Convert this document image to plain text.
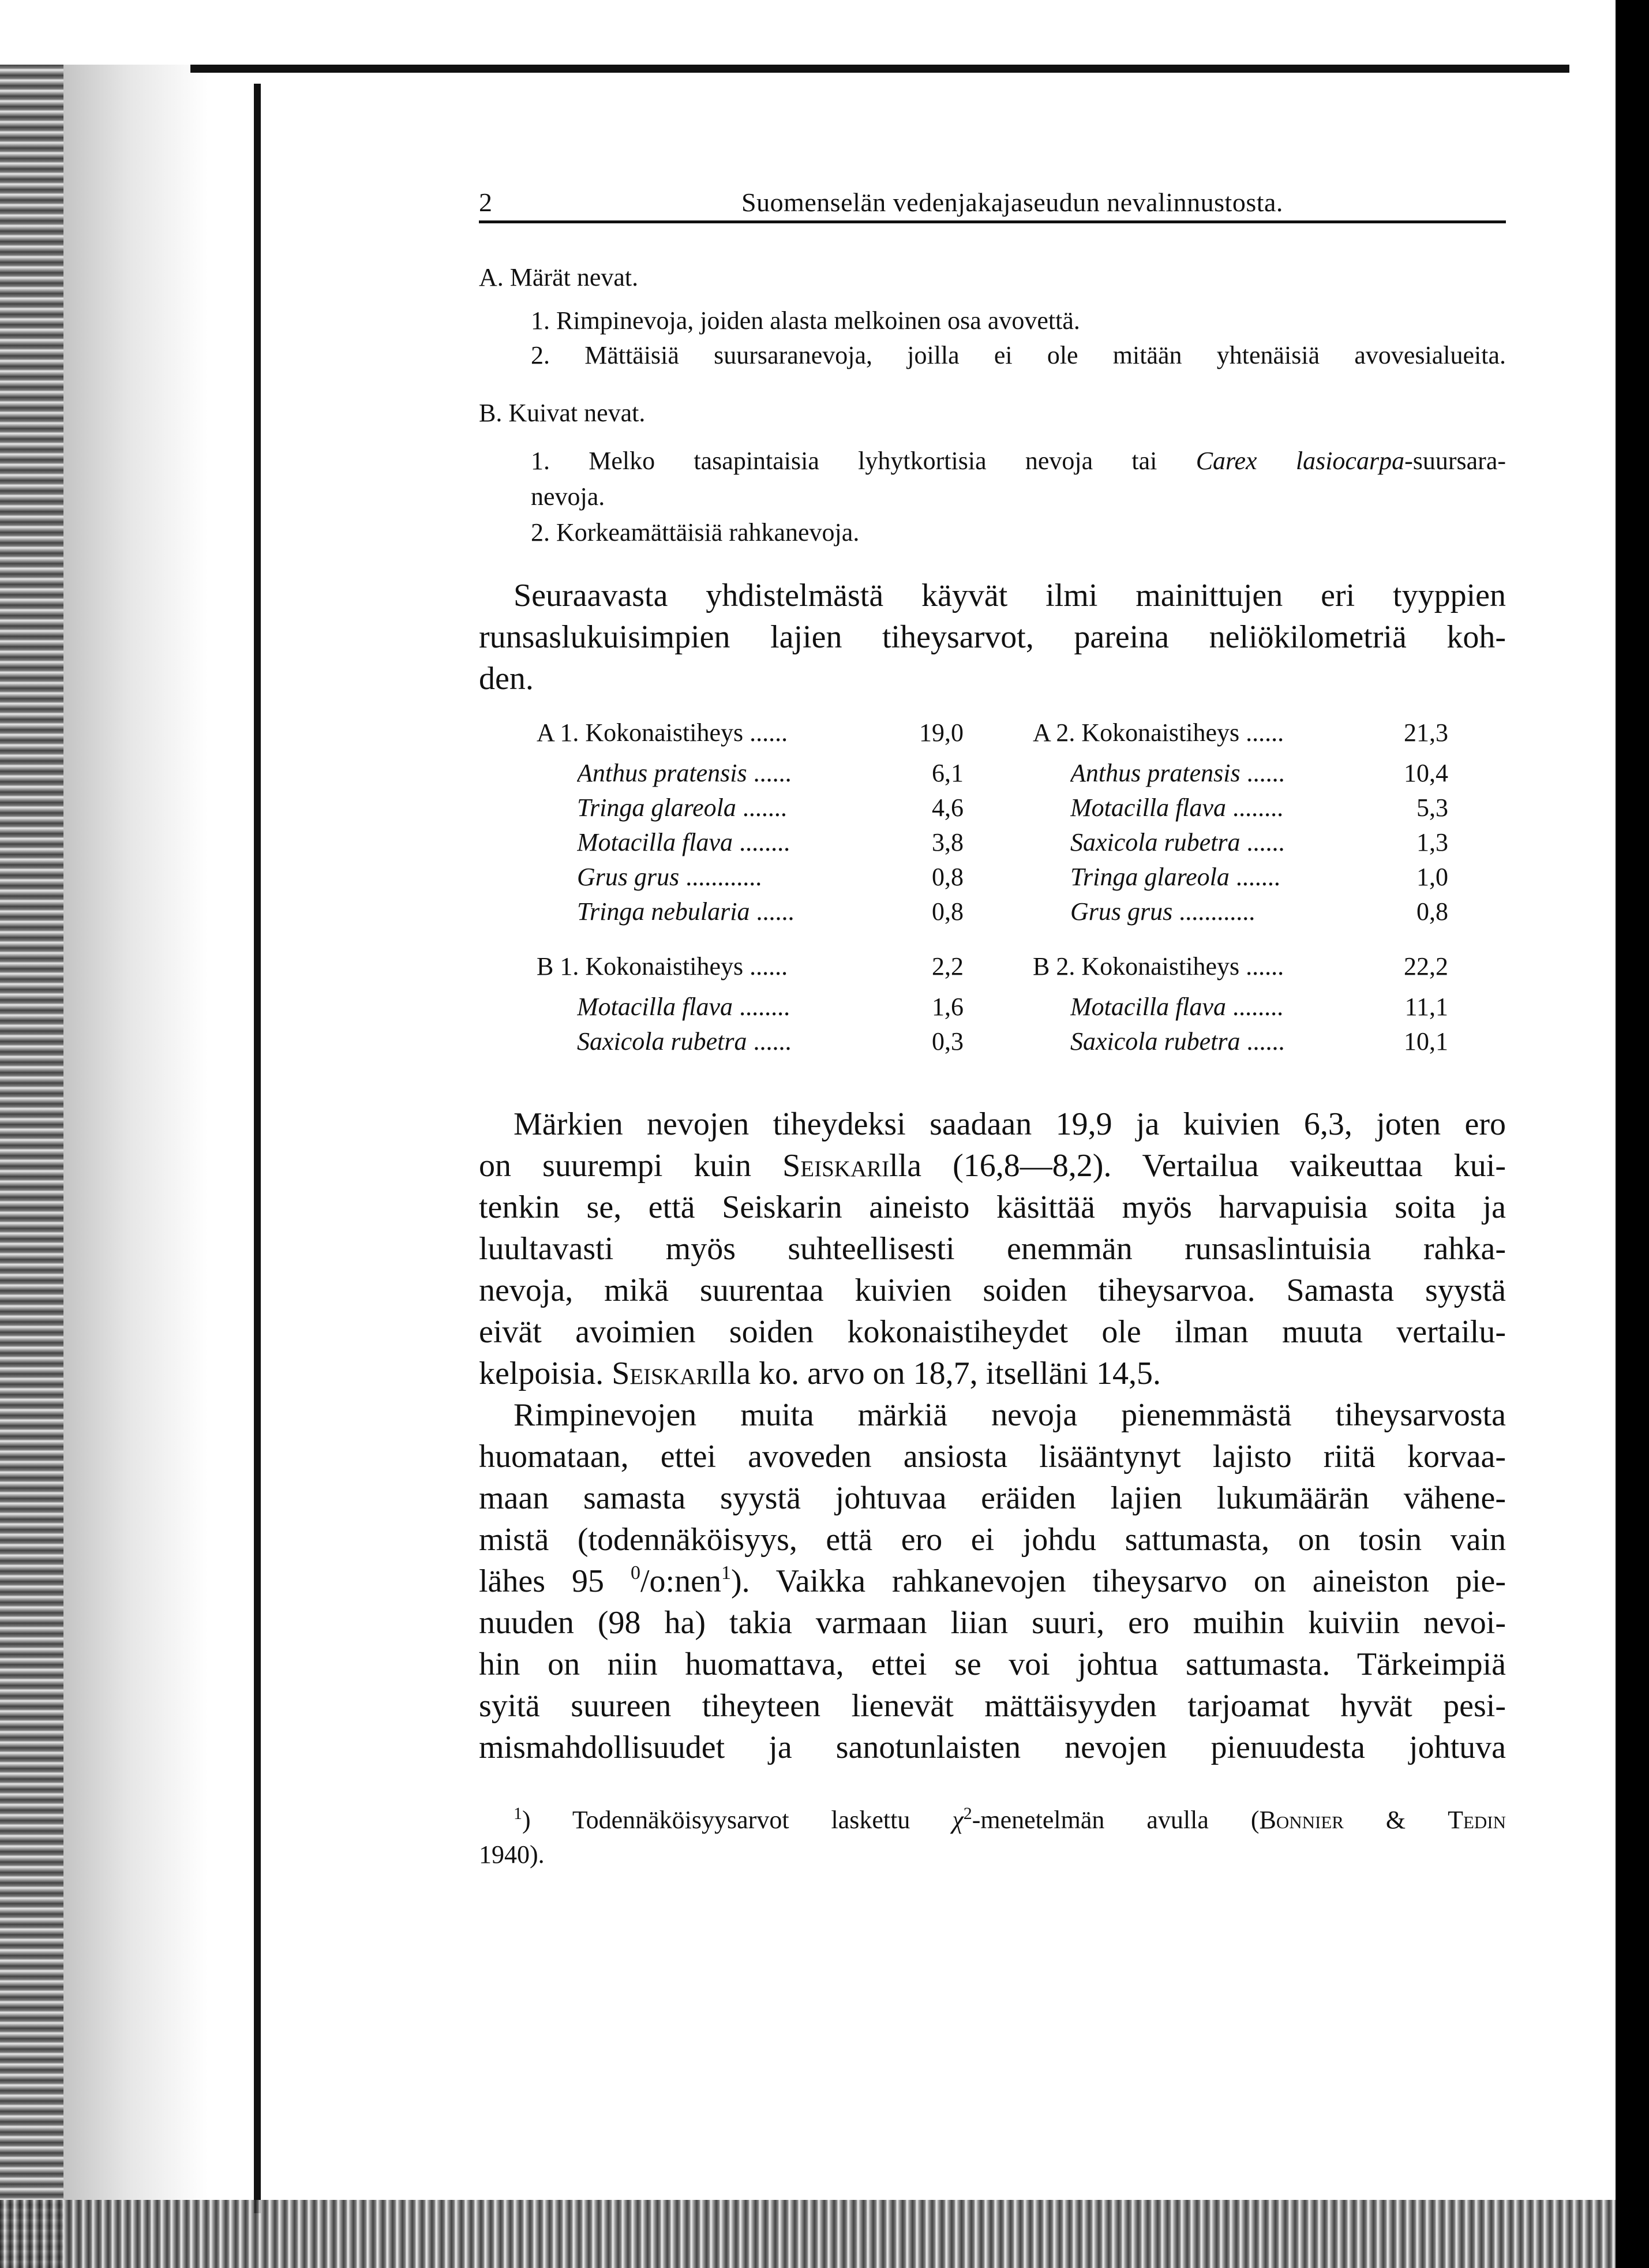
2	Suomenselän vedenjakajaseudun nevalinnustosta.
A. Märät nevat.
1. Rimpinevoja, joiden alasta melkoinen osa avovettä.
2. Mättäisiä suursaranevoja, joilla ei ole mitään yhtenäisiä avovesialueita.
B. Kuivat nevat.
1. Melko tasapintaisia lyhytkortisia nevoja tai Carex lasiocarpa-suursara-
nevoja.
2. Korkeamättäisiä rahkanevoja.
Seuraavasta yhdistelmästä käyvät ilmi mainittujen eri tyyppien
runsaslukuisimpien lajien tiheysarvot, pareina neliökilometriä koh-
den.
A 1. Kokonaistiheys ......	19,0
Anthus pratensis ......	6,1
Tringa glareola .......	4,6
Motacilla flava ........	3,8
Grus grus ............	0,8
Tringa nebularia ......	0,8
A 2. Kokonaistiheys ......	21,3
Anthus pratensis ......	10,4
Motacilla flava ........	5,3
Saxicola rubetra ......	1,3
Tringa glareola .......	1,0
Grus grus ............	0,8
B 1. Kokonaistiheys ......	2,2
Motacilla flava ........	1,6
Saxicola rubetra ......	0,3
B 2. Kokonaistiheys ......	22,2
Motacilla flava ........	11,1
Saxicola rubetra ......	10,1
Märkien nevojen tiheydeksi saadaan 19,9 ja kuivien 6,3, joten ero
on suurempi kuin Seiskarilla (16,8—8,2). Vertailua vaikeuttaa kui-
tenkin se, että Seiskarin aineisto käsittää myös harvapuisia soita ja
luultavasti myös suhteellisesti enemmän runsaslintuisia rahka-
nevoja, mikä suurentaa kuivien soiden tiheysarvoa. Samasta syystä
eivät avoimien soiden kokonaistiheydet ole ilman muuta vertailu-
kelpoisia. Seiskarilla ko. arvo on 18,7, itselläni 14,5.
Rimpinevojen muita märkiä nevoja pienemmästä tiheysarvosta
huomataan, ettei avoveden ansiosta lisääntynyt lajisto riitä korvaa-
maan samasta syystä johtuvaa eräiden lajien lukumäärän vähene-
mistä (todennäköisyys, että ero ei johdu sattumasta, on tosin vain
lähes 95 $^0$/o:nen$^1$). Vaikka rahkanevojen tiheysarvo on aineiston pie-
nuuden (98 ha) takia varmaan liian suuri, ero muihin kuiviin nevoi-
hin on niin huomattava, ettei se voi johtua sattumasta. Tärkeimpiä
syitä suureen tiheyteen lienevät mättäisyyden tarjoamat hyvät pesi-
mismahdollisuudet ja sanotunlaisten nevojen pienuudesta johtuva
$^1$) Todennäköisyysarvot laskettu χ$^2$-menetelmän avulla (Bonnier & Tedin
1940).
